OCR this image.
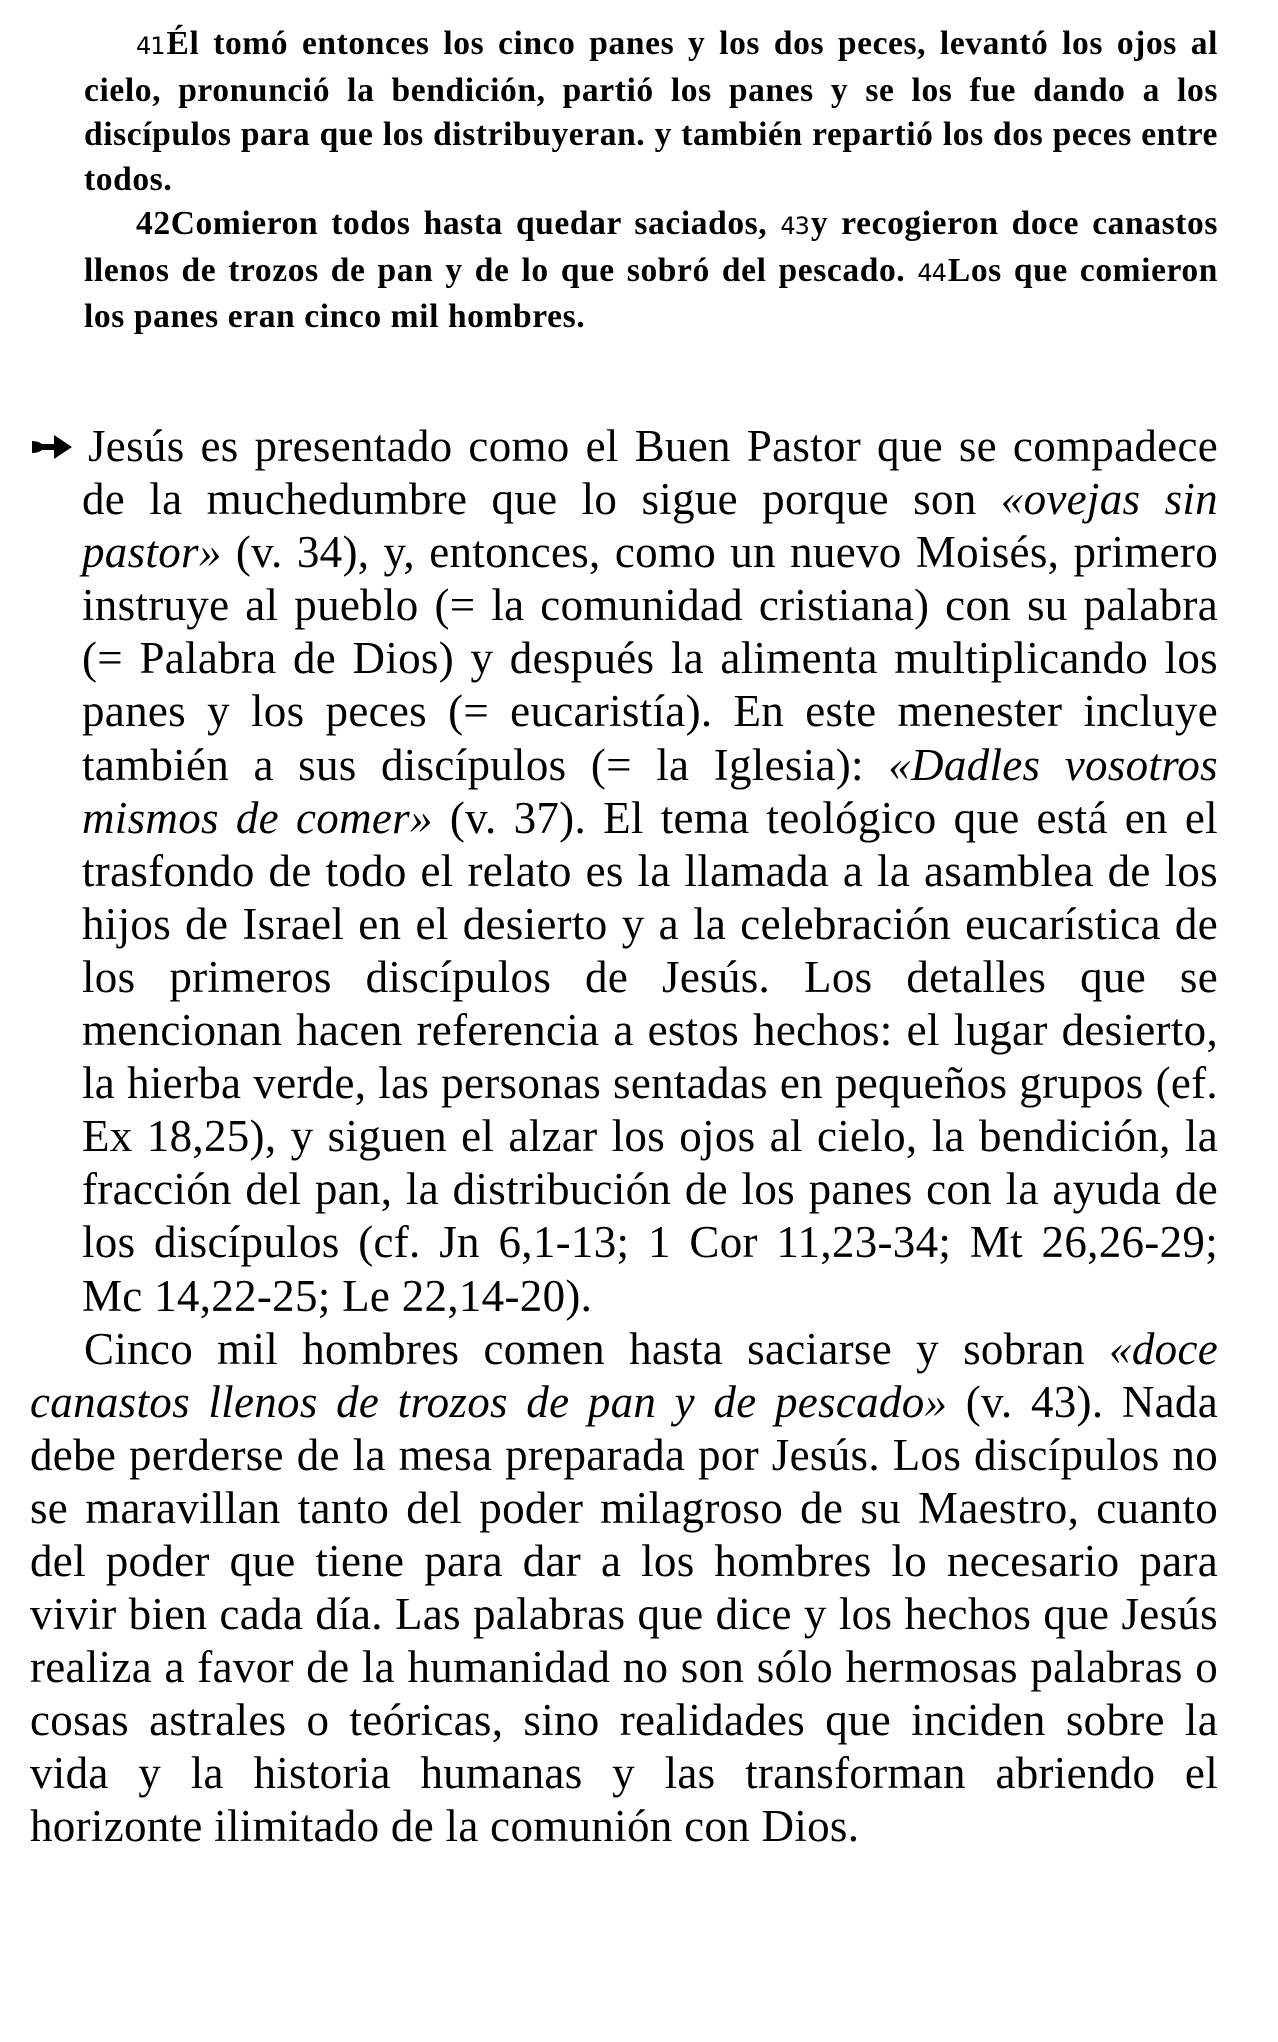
41Él tomó entonces los cinco panes y los dos peces, levantó los ojos al cielo, pronunció la bendición, partió los panes y se los fue dando a los discípulos para que los distribuyeran. y también repartió los dos peces entre todos.

42Comieron todos hasta quedar saciados, 43y recogieron doce canastos llenos de trozos de pan y de lo que sobró del pescado. 44Los que comieron los panes eran cinco mil hombres.

Jesús es presentado como el Buen Pastor que se compadece de la muchedumbre que lo sigue porque son «ovejas sin pastor» (v. 34), y, entonces, como un nuevo Moisés, primero instruye al pueblo (= la comunidad cristiana) con su palabra (= Palabra de Dios) y después la alimenta multiplicando los panes y los peces (= eucaristía). En este menester incluye también a sus discípulos (= la Iglesia): «Dadles vosotros mismos de comer» (v. 37). El tema teológico que está en el trasfondo de todo el relato es la llamada a la asamblea de los hijos de Israel en el desierto y a la celebración eucarística de los primeros discípulos de Jesús. Los detalles que se mencionan hacen referencia a estos hechos: el lugar desierto, la hierba verde, las personas sentadas en pequeños grupos (ef. Ex 18,25), y siguen el alzar los ojos al cielo, la bendición, la fracción del pan, la distribución de los panes con la ayuda de los discípulos (cf. Jn 6,1-13; 1 Cor 11,23-34; Mt 26,26-29; Mc 14,22-25; Le 22,14-20).

Cinco mil hombres comen hasta saciarse y sobran «doce canastos llenos de trozos de pan y de pescado» (v. 43). Nada debe perderse de la mesa preparada por Jesús. Los discípulos no se maravillan tanto del poder milagroso de su Maestro, cuanto del poder que tiene para dar a los hombres lo necesario para vivir bien cada día. Las palabras que dice y los hechos que Jesús realiza a favor de la humanidad no son sólo hermosas palabras o cosas astrales o teóricas, sino realidades que inciden sobre la vida y la historia humanas y las transforman abriendo el horizonte ilimitado de la comunión con Dios.
